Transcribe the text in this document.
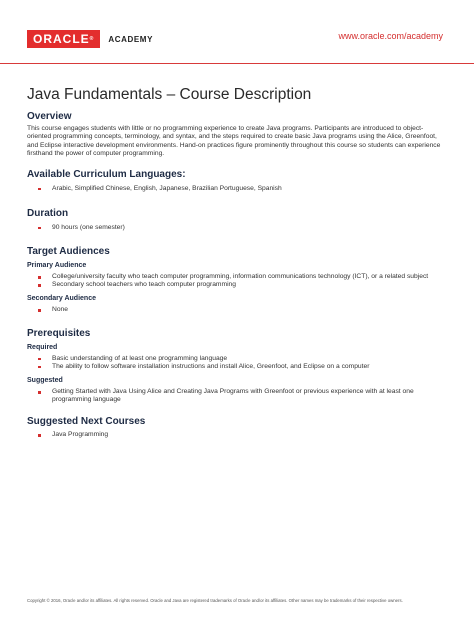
ORACLE®	ACADEMY	www.oracle.com/academy
Java Fundamentals – Course Description
Overview

This course engages students with little or no programming experience to create Java programs. Participants are introduced to object-oriented programming concepts, terminology, and syntax, and the steps required to create basic Java programs using the Alice, Greenfoot, and Eclipse interactive development environments. Hand-on practices figure prominently throughout this course so students can experience firsthand the power of computer programming.

Available Curriculum Languages:
Arabic, Simplified Chinese, English, Japanese, Brazilian Portuguese, Spanish
Duration
90 hours (one semester)
Target Audiences
Primary Audience
College/university faculty who teach computer programming, information communications technology (ICT), or a related subject
Secondary school teachers who teach computer programming
Secondary Audience
None
Prerequisites
Required
Basic understanding of at least one programming language
The ability to follow software installation instructions and install Alice, Greenfoot, and Eclipse on a computer
Suggested
Getting Started with Java Using Alice and Creating Java Programs with Greenfoot or previous experience with at least one programming language
Suggested Next Courses
Java Programming
Copyright © 2016, Oracle and/or its affiliates. All rights reserved. Oracle and Java are registered trademarks of Oracle and/or its affiliates. Other names may be trademarks of their respective owners.
